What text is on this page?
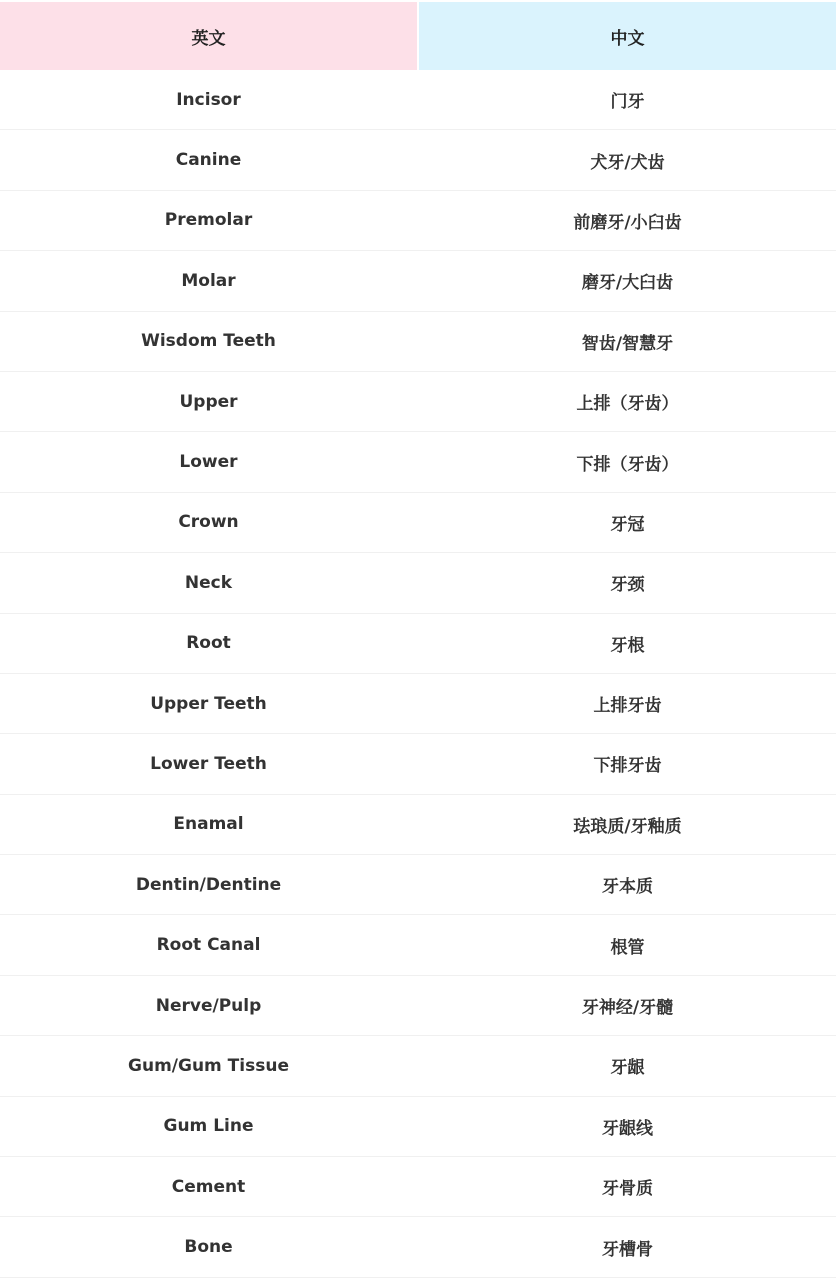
英文	中文
Incisor	门牙
Canine	犬牙/犬齿
Premolar	前磨牙/小臼齿
Molar	磨牙/大臼齿
Wisdom Teeth	智齿/智慧牙
Upper	上排（牙齿）
Lower	下排（牙齿）
Crown	牙冠
Neck	牙颈
Root	牙根
Upper Teeth	上排牙齿
Lower Teeth	下排牙齿
Enamal	珐琅质/牙釉质
Dentin/Dentine	牙本质
Root Canal	根管
Nerve/Pulp	牙神经/牙髓
Gum/Gum Tissue	牙龈
Gum Line	牙龈线
Cement	牙骨质
Bone	牙槽骨
